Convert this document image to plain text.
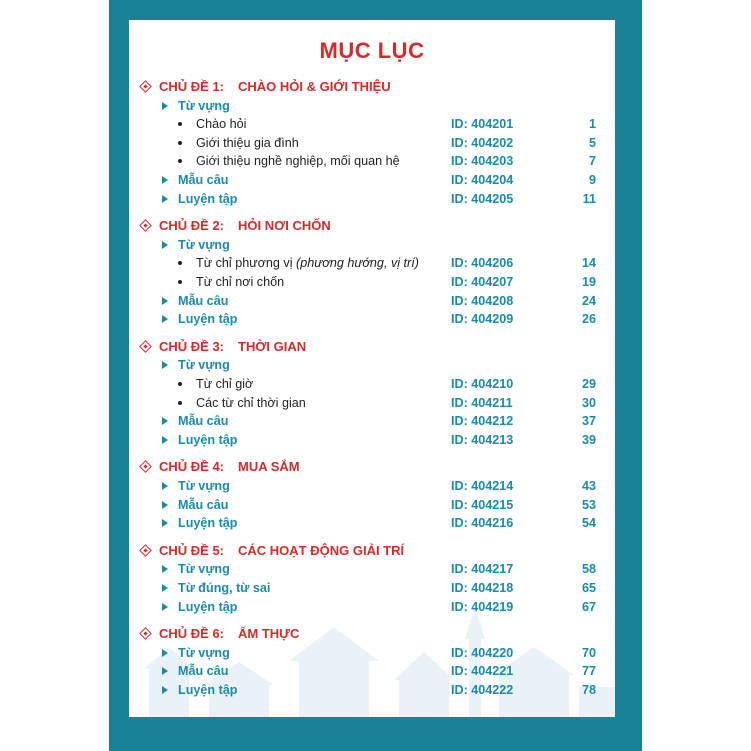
MỤC LỤC
CHỦ ĐỀ 1: CHÀO HỎI & GIỚI THIỆU
Từ vựng
Chào hỏi	ID: 404201	1
Giới thiệu gia đình	ID: 404202	5
Giới thiệu nghề nghiệp, mối quan hệ	ID: 404203	7
Mẫu câu	ID: 404204	9
Luyện tập	ID: 404205	11
CHỦ ĐỀ 2: HỎI NƠI CHỐN
Từ vựng
Từ chỉ phương vị (phương hướng, vị trí)	ID: 404206	14
Từ chỉ nơi chốn	ID: 404207	19
Mẫu câu	ID: 404208	24
Luyện tập	ID: 404209	26
CHỦ ĐỀ 3: THỜI GIAN
Từ vựng
Từ chỉ giờ	ID: 404210	29
Các từ chỉ thời gian	ID: 404211	30
Mẫu câu	ID: 404212	37
Luyện tập	ID: 404213	39
CHỦ ĐỀ 4: MUA SẮM
Từ vựng	ID: 404214	43
Mẫu câu	ID: 404215	53
Luyện tập	ID: 404216	54
CHỦ ĐỀ 5: CÁC HOẠT ĐỘNG GIẢI TRÍ
Từ vựng	ID: 404217	58
Từ đúng, từ sai	ID: 404218	65
Luyện tập	ID: 404219	67
CHỦ ĐỀ 6: ẨM THỰC
Từ vựng	ID: 404220	70
Mẫu câu	ID: 404221	77
Luyện tập	ID: 404222	78
